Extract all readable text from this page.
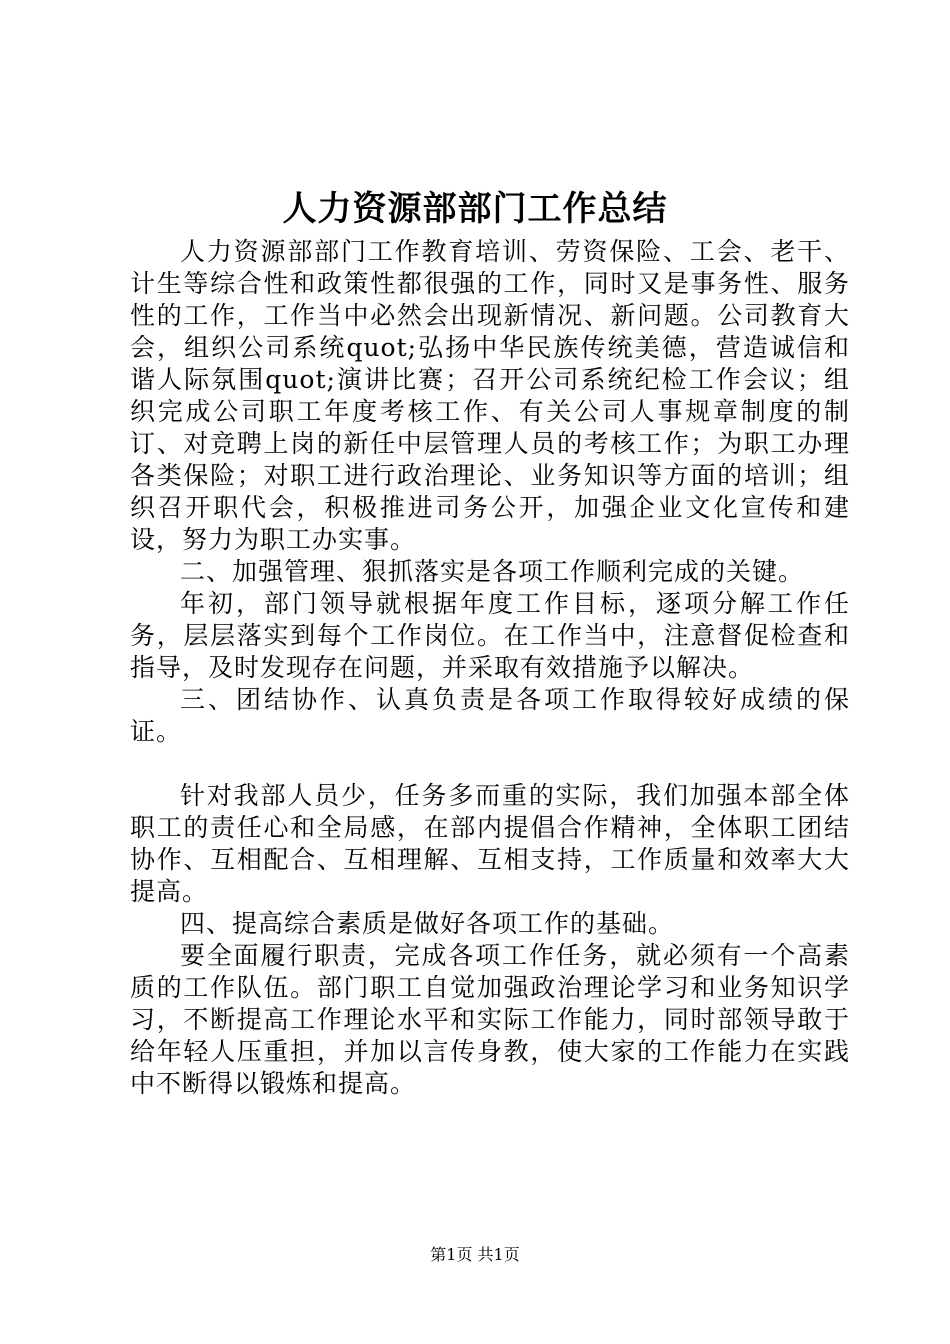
人力资源部部门工作总结

人力资源部部门工作教育培训、劳资保险、工会、老干、计生等综合性和政策性都很强的工作，同时又是事务性、服务性的工作，工作当中必然会出现新情况、新问题。公司教育大会，组织公司系统quot;弘扬中华民族传统美德，营造诚信和谐人际氛围quot;演讲比赛；召开公司系统纪检工作会议；组织完成公司职工年度考核工作、有关公司人事规章制度的制订、对竞聘上岗的新任中层管理人员的考核工作；为职工办理各类保险；对职工进行政治理论、业务知识等方面的培训；组织召开职代会，积极推进司务公开，加强企业文化宣传和建设，努力为职工办实事。

二、加强管理、狠抓落实是各项工作顺利完成的关键。

年初，部门领导就根据年度工作目标，逐项分解工作任务，层层落实到每个工作岗位。在工作当中，注意督促检查和指导，及时发现存在问题，并采取有效措施予以解决。

三、团结协作、认真负责是各项工作取得较好成绩的保证。

针对我部人员少，任务多而重的实际，我们加强本部全体职工的责任心和全局感，在部内提倡合作精神，全体职工团结协作、互相配合、互相理解、互相支持，工作质量和效率大大提高。

四、提高综合素质是做好各项工作的基础。

要全面履行职责，完成各项工作任务，就必须有一个高素质的工作队伍。部门职工自觉加强政治理论学习和业务知识学习，不断提高工作理论水平和实际工作能力，同时部领导敢于给年轻人压重担，并加以言传身教，使大家的工作能力在实践中不断得以锻炼和提高。

第1页 共1页
